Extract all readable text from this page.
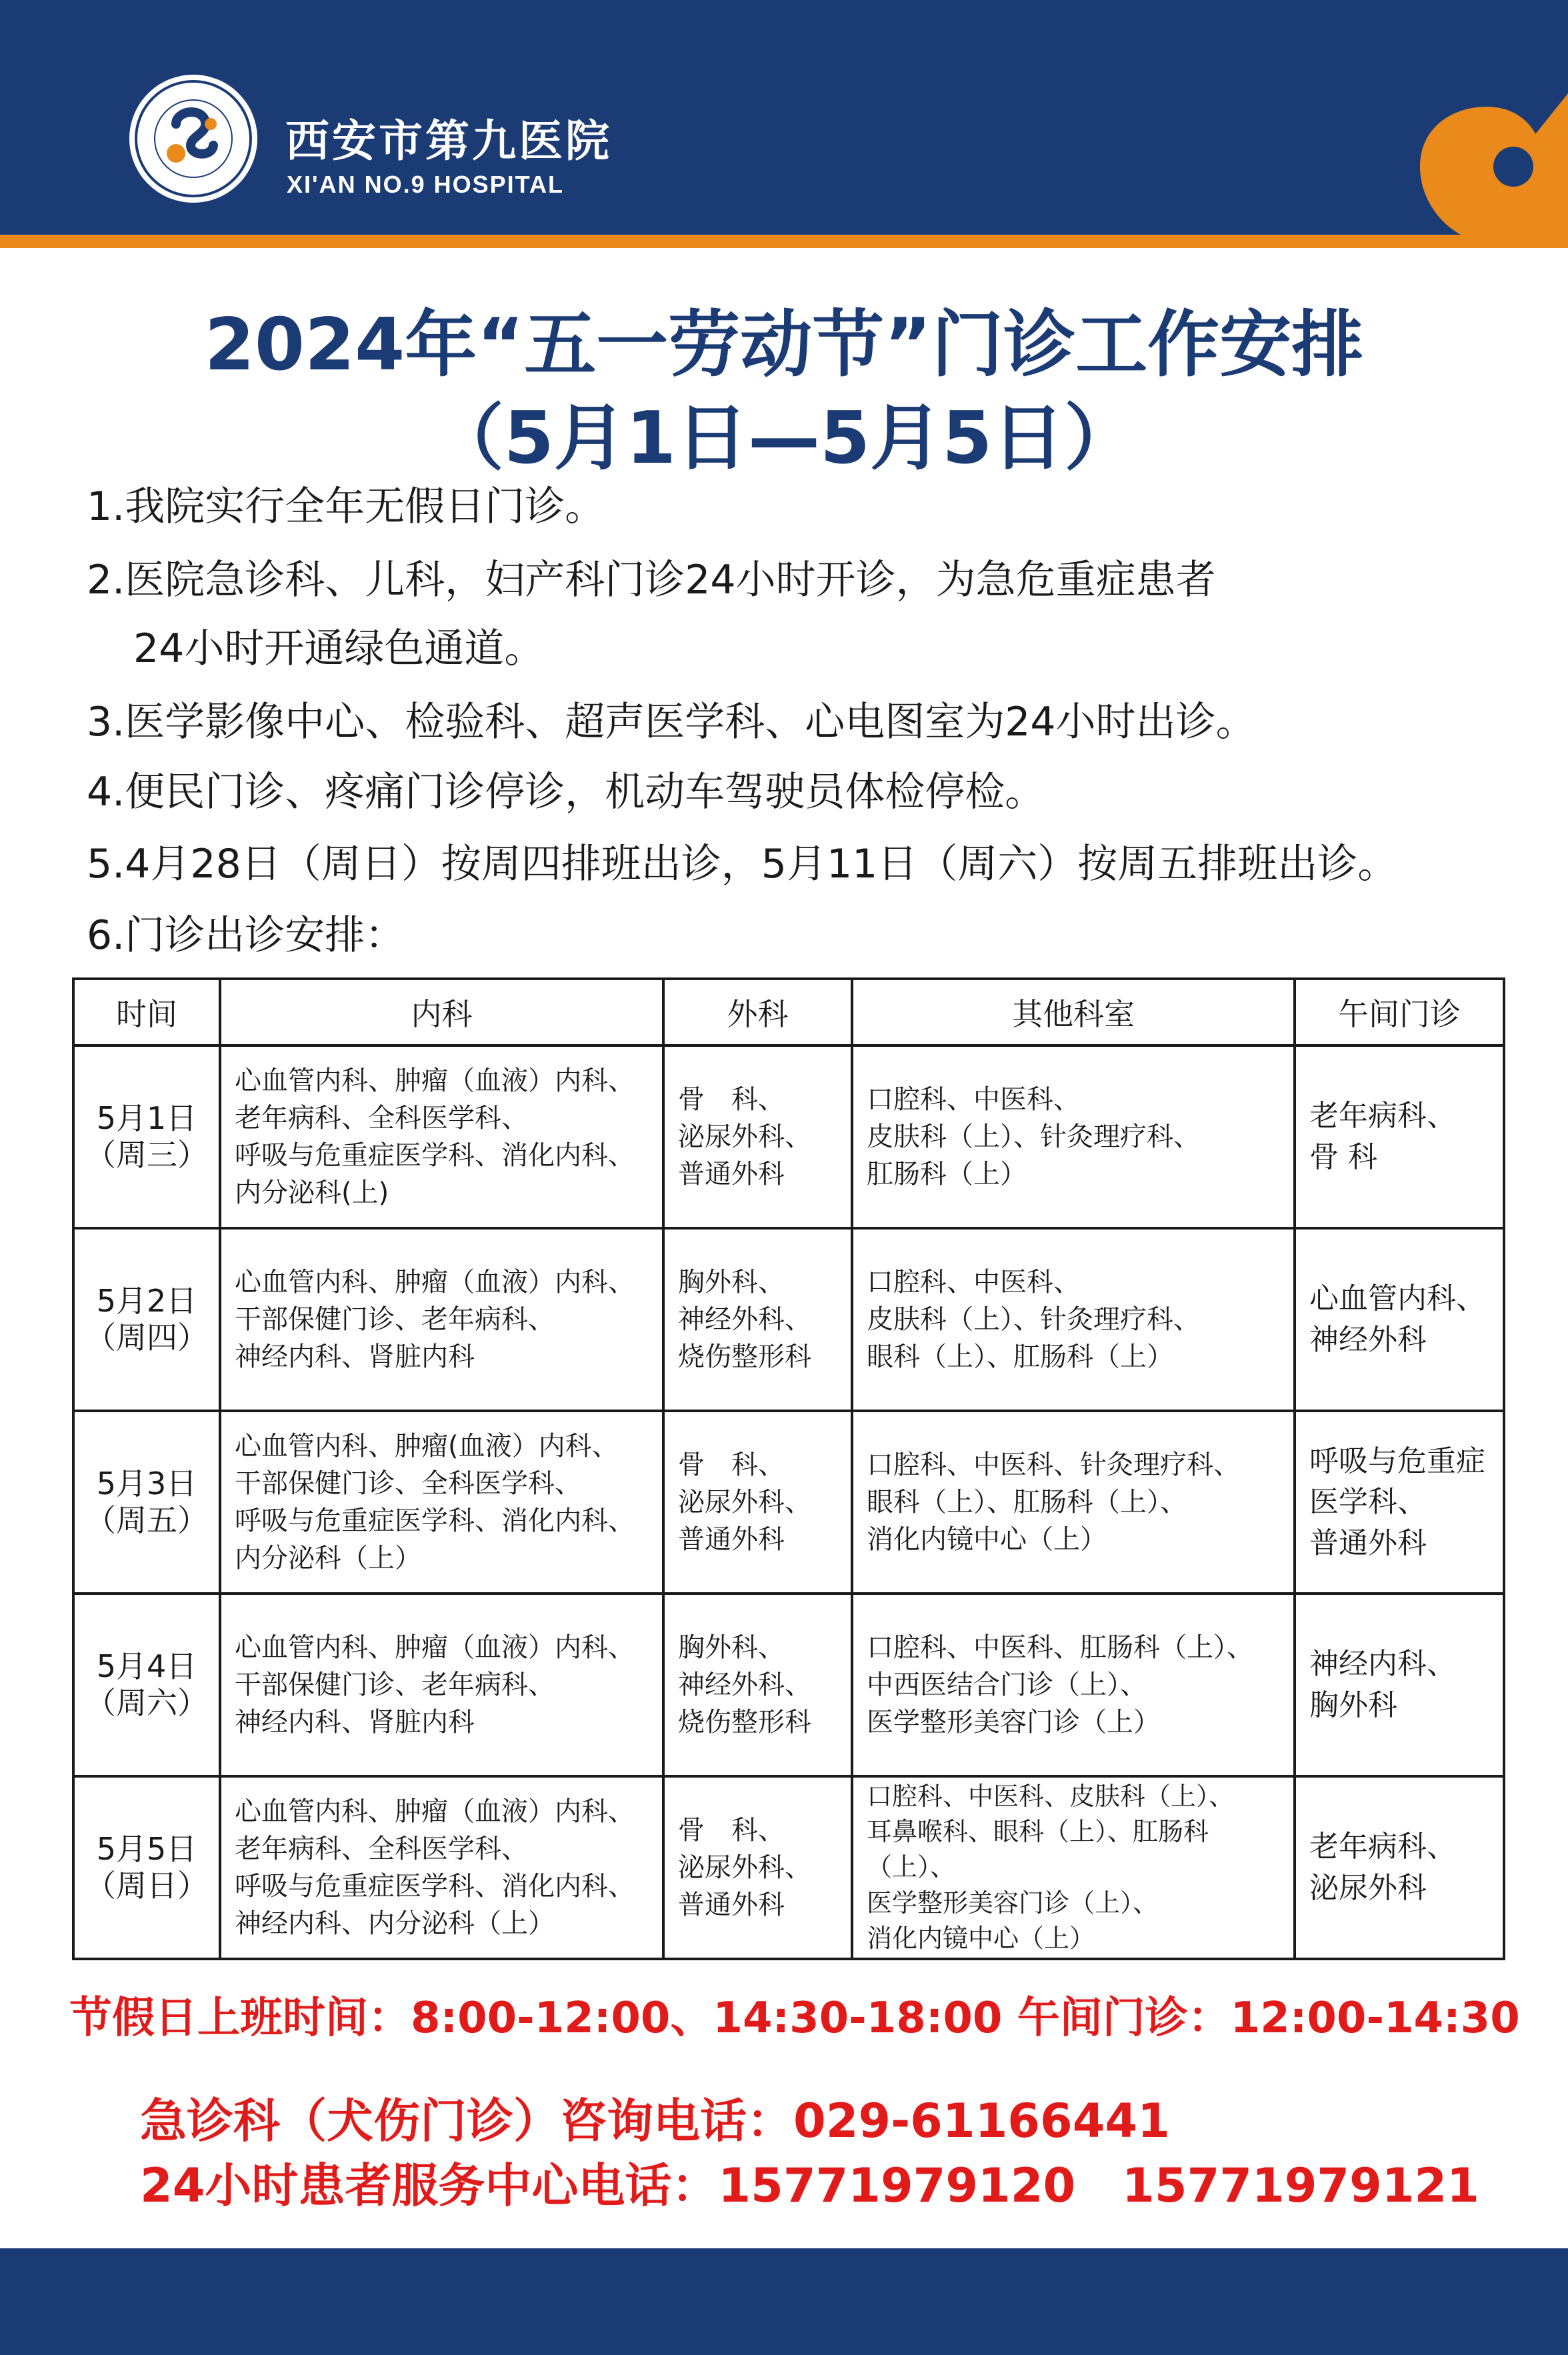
西安市第九医院
XI'AN NO.9 HOSPITAL
2024年“五一劳动节”门诊工作安排
（5月1日—5月5日）
1.我院实行全年无假日门诊。
2.医院急诊科、儿科，妇产科门诊24小时开诊，为急危重症患者
24小时开通绿色通道。
3.医学影像中心、检验科、超声医学科、心电图室为24小时出诊。
4.便民门诊、疼痛门诊停诊，机动车驾驶员体检停检。
5.4月28日（周日）按周四排班出诊，5月11日（周六）按周五排班出诊。
6.门诊出诊安排：
时间	内科	外科	其他科室	午间门诊
5月1日
（周三）	心血管内科、肿瘤（血液）内科、
老年病科、全科医学科、
呼吸与危重症医学科、消化内科、
内分泌科(上)	骨　科、
泌尿外科、
普通外科	口腔科、中医科、
皮肤科（上）、针灸理疗科、
肛肠科（上）	老年病科、
骨 科
5月2日
（周四）	心血管内科、肿瘤（血液）内科、
干部保健门诊、老年病科、
神经内科、肾脏内科	胸外科、
神经外科、
烧伤整形科	口腔科、中医科、
皮肤科（上）、针灸理疗科、
眼科（上）、肛肠科（上）	心血管内科、
神经外科
5月3日
（周五）	心血管内科、肿瘤(血液）内科、
干部保健门诊、全科医学科、
呼吸与危重症医学科、消化内科、
内分泌科（上）	骨　科、
泌尿外科、
普通外科	口腔科、中医科、针灸理疗科、
眼科（上）、肛肠科（上）、
消化内镜中心（上）	呼吸与危重症
医学科、
普通外科
5月4日
（周六）	心血管内科、肿瘤（血液）内科、
干部保健门诊、老年病科、
神经内科、肾脏内科	胸外科、
神经外科、
烧伤整形科	口腔科、中医科、肛肠科（上）、
中西医结合门诊（上）、
医学整形美容门诊（上）	神经内科、
胸外科
5月5日
（周日）	心血管内科、肿瘤（血液）内科、
老年病科、全科医学科、
呼吸与危重症医学科、消化内科、
神经内科、内分泌科（上）	骨　科、
泌尿外科、
普通外科	口腔科、中医科、皮肤科（上）、
耳鼻喉科、眼科（上）、肛肠科（上）、
医学整形美容门诊（上）、
消化内镜中心（上）	老年病科、
泌尿外科
节假日上班时间：8:00-12:00、14:30-18:00 午间门诊：12:00-14:30
急诊科（犬伤门诊）咨询电话：029-61166441
24小时患者服务中心电话：15771979120　15771979121
